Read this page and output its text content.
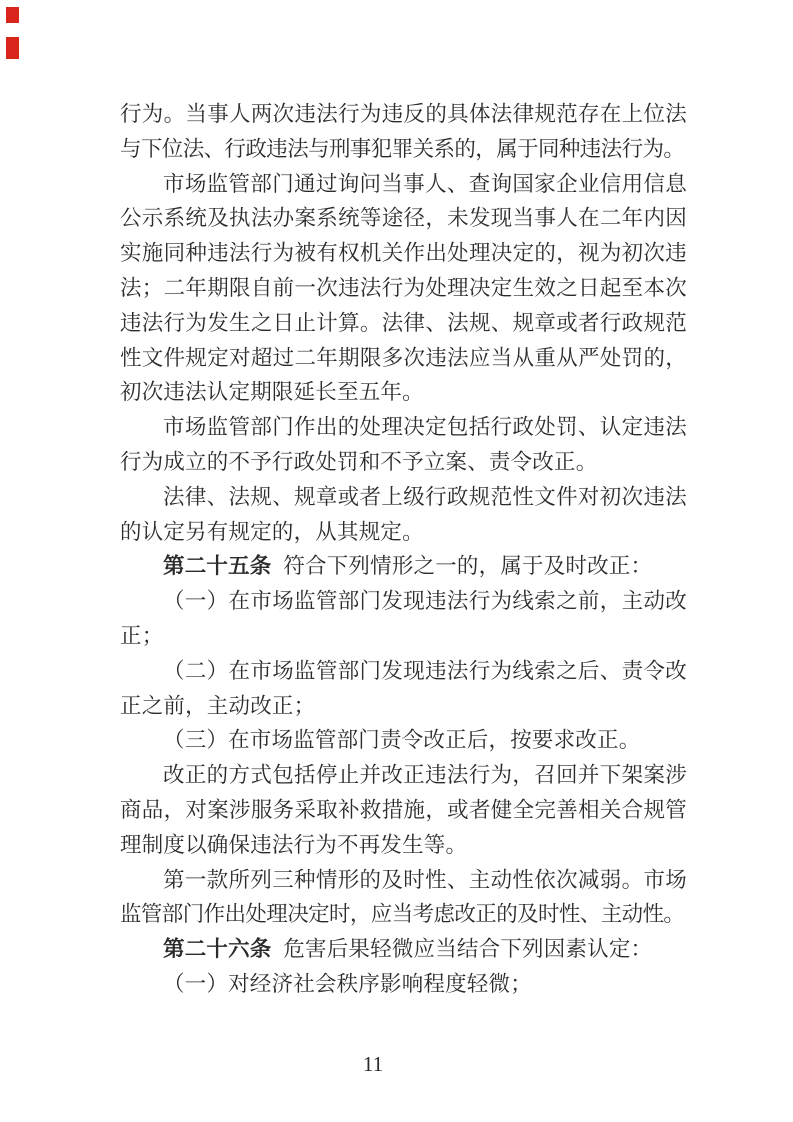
行为。当事人两次违法行为违反的具体法律规范存在上位法
与下位法、行政违法与刑事犯罪关系的，属于同种违法行为。
市场监管部门通过询问当事人、查询国家企业信用信息
公示系统及执法办案系统等途径，未发现当事人在二年内因
实施同种违法行为被有权机关作出处理决定的，视为初次违
法；二年期限自前一次违法行为处理决定生效之日起至本次
违法行为发生之日止计算。法律、法规、规章或者行政规范
性文件规定对超过二年期限多次违法应当从重从严处罚的，
初次违法认定期限延长至五年。
市场监管部门作出的处理决定包括行政处罚、认定违法
行为成立的不予行政处罚和不予立案、责令改正。
法律、法规、规章或者上级行政规范性文件对初次违法
的认定另有规定的，从其规定。
第二十五条 符合下列情形之一的，属于及时改正：
（一）在市场监管部门发现违法行为线索之前，主动改
正；
（二）在市场监管部门发现违法行为线索之后、责令改
正之前，主动改正；
（三）在市场监管部门责令改正后，按要求改正。
改正的方式包括停止并改正违法行为，召回并下架案涉
商品，对案涉服务采取补救措施，或者健全完善相关合规管
理制度以确保违法行为不再发生等。
第一款所列三种情形的及时性、主动性依次减弱。市场
监管部门作出处理决定时，应当考虑改正的及时性、主动性。
第二十六条 危害后果轻微应当结合下列因素认定：
（一）对经济社会秩序影响程度轻微；
11
